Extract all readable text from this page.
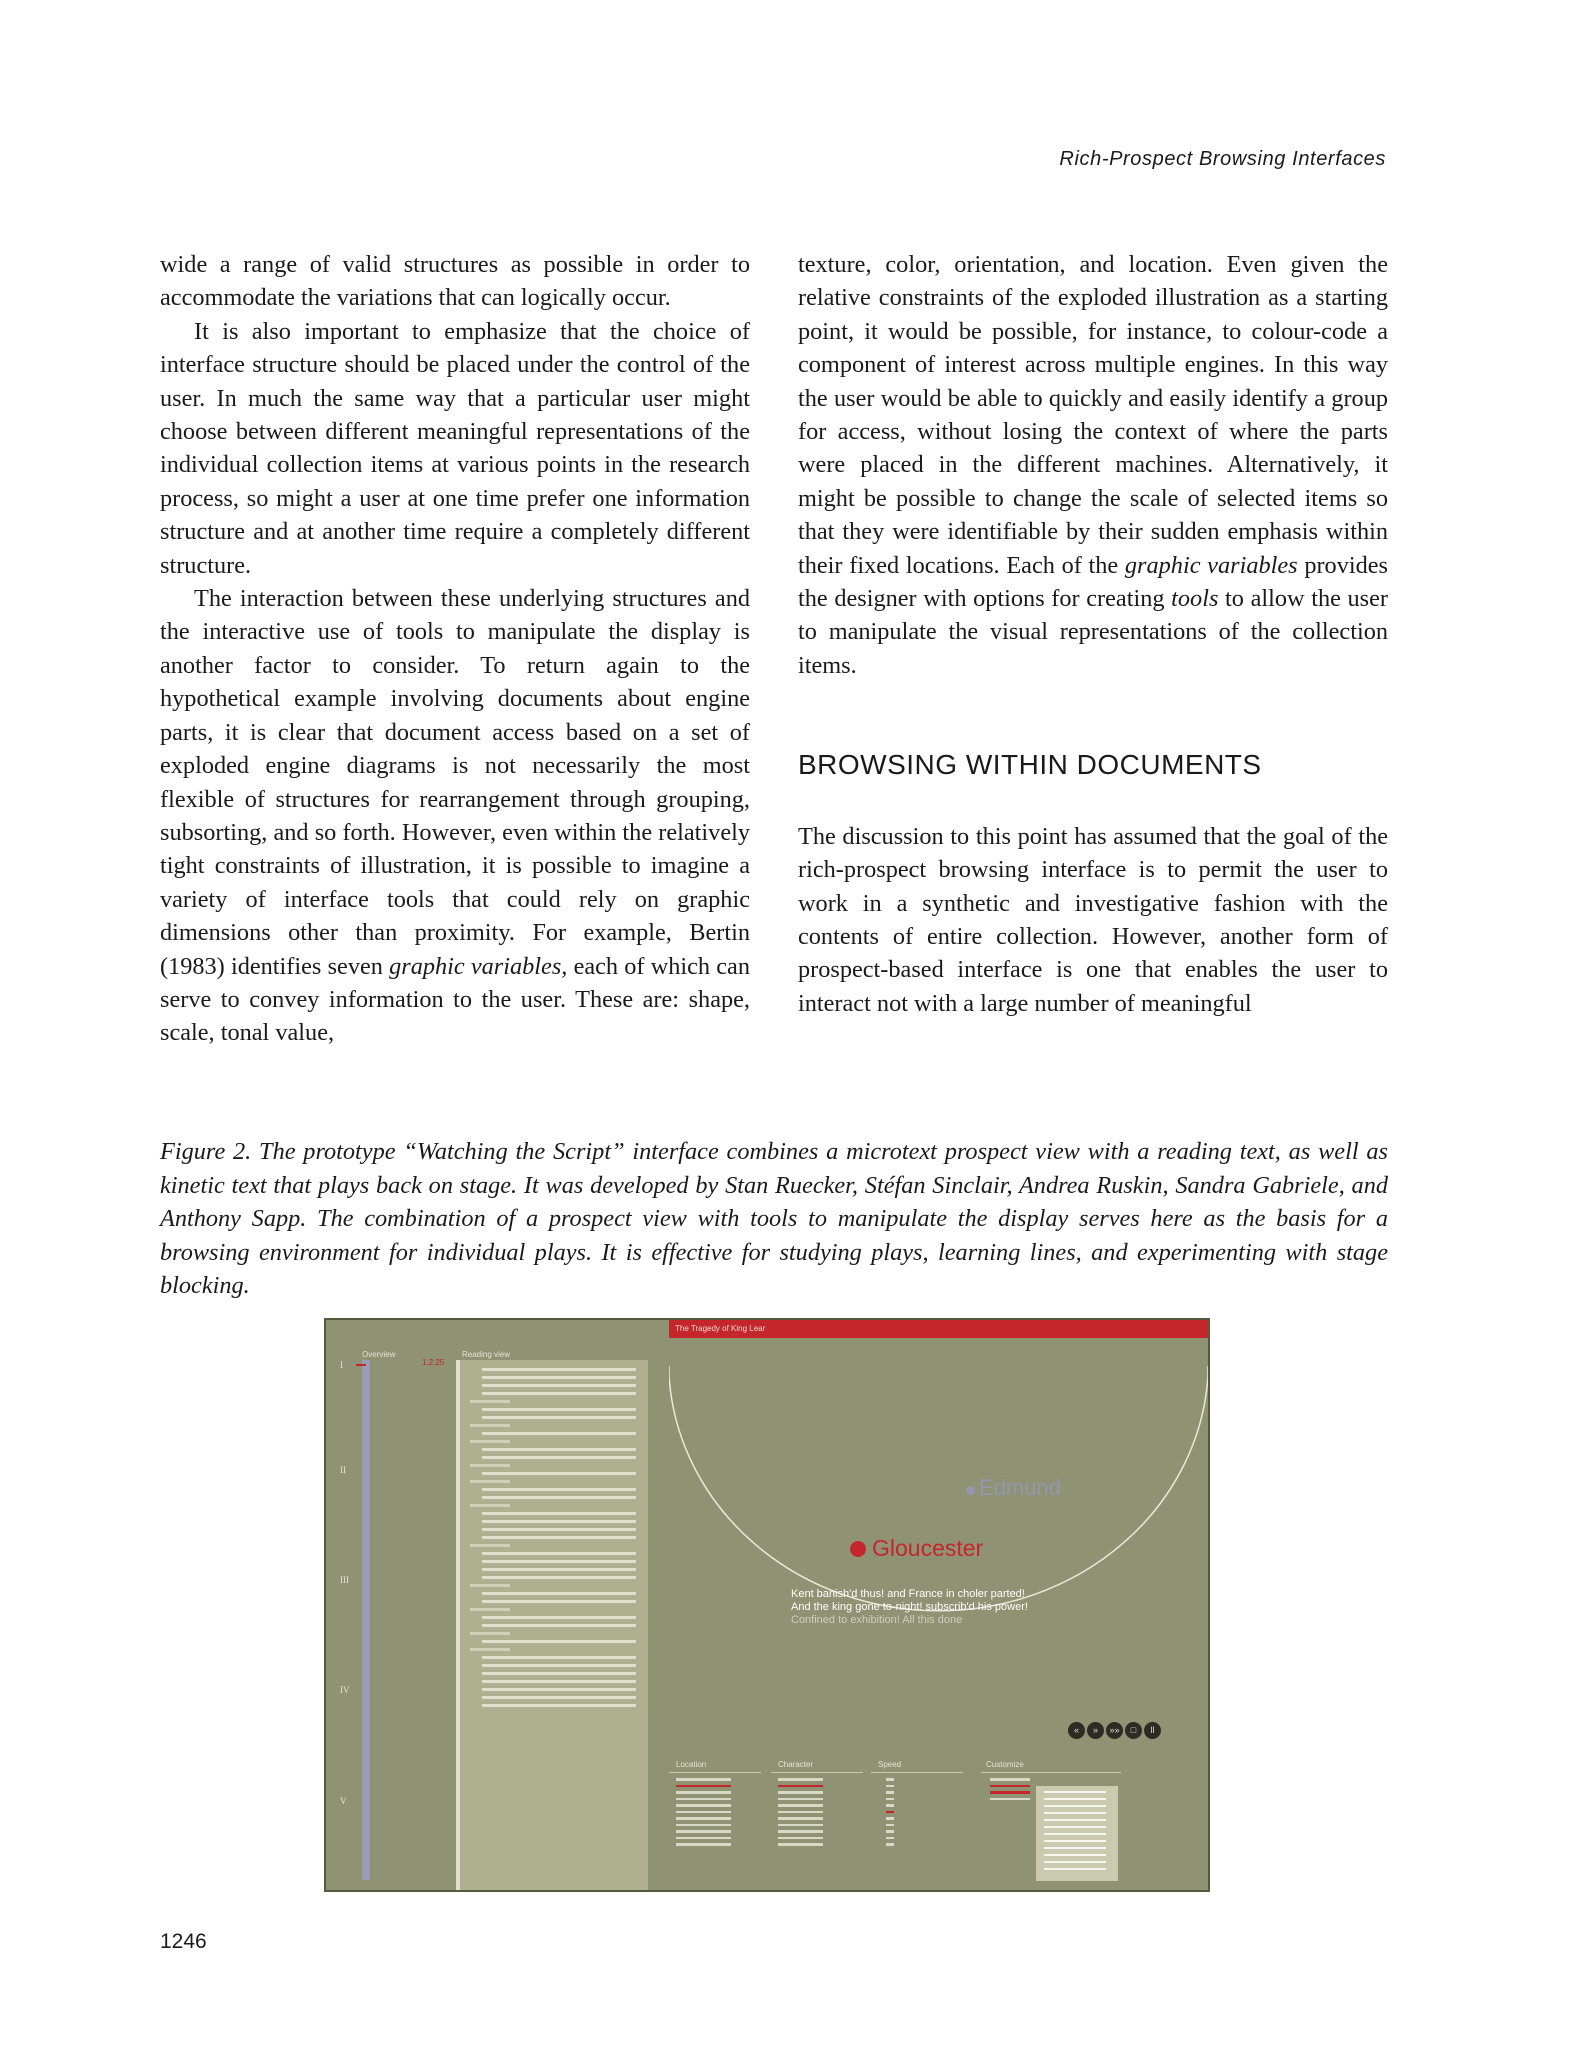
Rich-Prospect Browsing Interfaces

wide a range of valid structures as possible in order to accommodate the variations that can logically occur.

It is also important to emphasize that the choice of interface structure should be placed under the control of the user. In much the same way that a particular user might choose between different meaningful representations of the individual collection items at various points in the research process, so might a user at one time prefer one information structure and at another time require a completely different structure.

The interaction between these underlying structures and the interactive use of tools to manipulate the display is another factor to consider. To return again to the hypothetical example involving documents about engine parts, it is clear that document access based on a set of exploded engine diagrams is not necessarily the most flexible of structures for rearrangement through grouping, subsorting, and so forth. However, even within the relatively tight constraints of illustration, it is possible to imagine a variety of interface tools that could rely on graphic dimensions other than proximity. For example, Bertin (1983) identifies seven graphic variables, each of which can serve to convey information to the user. These are: shape, scale, tonal value,

texture, color, orientation, and location. Even given the relative constraints of the exploded illustration as a starting point, it would be possible, for instance, to colour-code a component of interest across multiple engines. In this way the user would be able to quickly and easily identify a group for access, without losing the context of where the parts were placed in the different machines. Alternatively, it might be possible to change the scale of selected items so that they were identifiable by their sudden emphasis within their fixed locations. Each of the graphic variables provides the designer with options for creating tools to allow the user to manipulate the visual representations of the collection items.

BROWSING WITHIN DOCUMENTS

The discussion to this point has assumed that the goal of the rich-prospect browsing interface is to permit the user to work in a synthetic and investigative fashion with the contents of entire collection. However, another form of prospect-based interface is one that enables the user to interact not with a large number of meaningful

Figure 2. The prototype “Watching the Script” interface combines a microtext prospect view with a reading text, as well as kinetic text that plays back on stage. It was developed by Stan Ruecker, Stéfan Sinclair, Andrea Ruskin, Sandra Gabriele, and Anthony Sapp. The combination of a prospect view with tools to manipulate the display serves here as the basis for a browsing environment for individual plays. It is effective for studying plays, learning lines, and experimenting with stage blocking.
The Tragedy of King Lear
Overview	Reading view
1.2.25
I
II
III
IV
V
Edmund
Gloucester
Kent banish'd thus! and France in choler parted!
And the king gone to-night! subscrib'd his power!
Confined to exhibition! All this done
« » »» □ ll
Location	Character	Speed	Customize
1246
